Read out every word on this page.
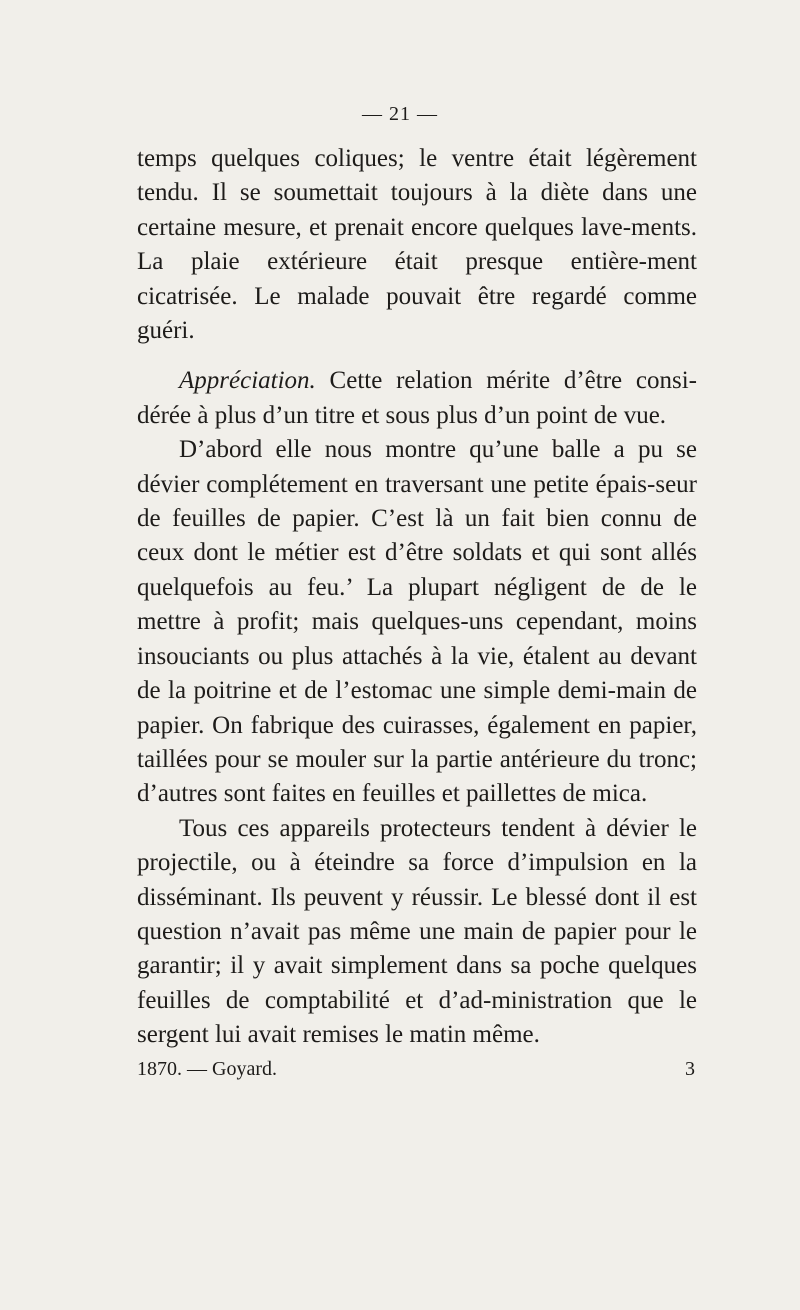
— 21 —

temps quelques coliques; le ventre était légèrement tendu. Il se soumettait toujours à la diète dans une certaine mesure, et prenait encore quelques lave-ments. La plaie extérieure était presque entière-ment cicatrisée. Le malade pouvait être regardé comme guéri.

Appréciation. Cette relation mérite d’être consi-dérée à plus d’un titre et sous plus d’un point de vue.

D’abord elle nous montre qu’une balle a pu se dévier complétement en traversant une petite épais-seur de feuilles de papier. C’est là un fait bien connu de ceux dont le métier est d’être soldats et qui sont allés quelquefois au feu.’ La plupart négligent de de le mettre à profit; mais quelques-uns cependant, moins insouciants ou plus attachés à la vie, étalent au devant de la poitrine et de l’estomac une simple demi-main de papier. On fabrique des cuirasses, également en papier, taillées pour se mouler sur la partie antérieure du tronc; d’autres sont faites en feuilles et paillettes de mica.

Tous ces appareils protecteurs tendent à dévier le projectile, ou à éteindre sa force d’impulsion en la disséminant. Ils peuvent y réussir. Le blessé dont il est question n’avait pas même une main de papier pour le garantir; il y avait simplement dans sa poche quelques feuilles de comptabilité et d’ad-ministration que le sergent lui avait remises le matin même.

1870. — Goyard.	3
